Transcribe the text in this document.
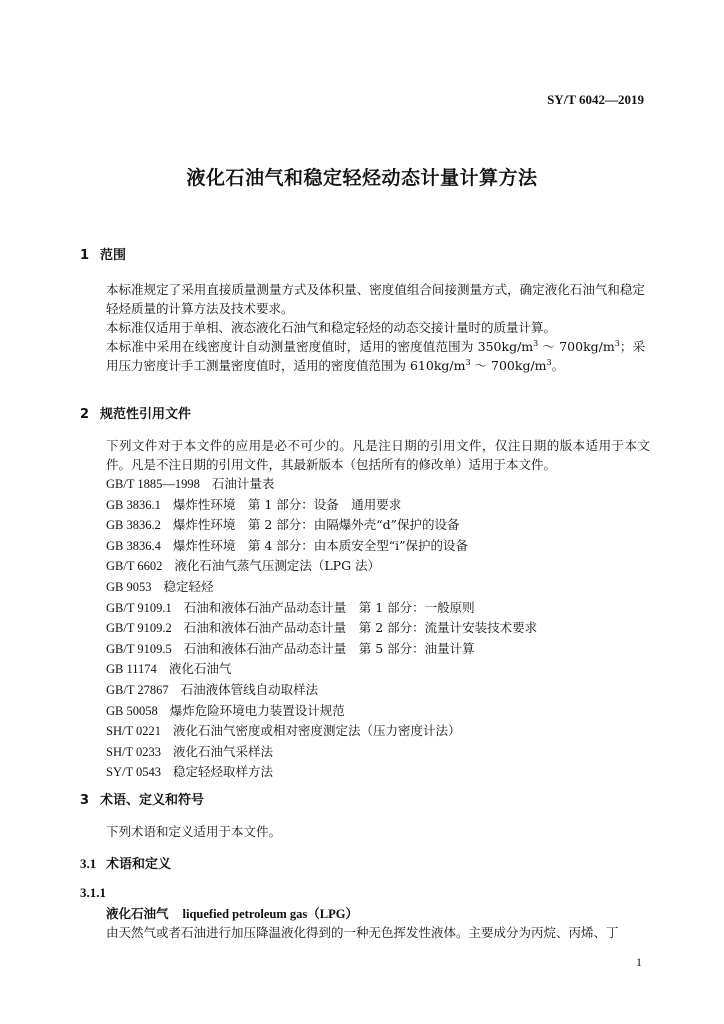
SY/T 6042—2019
液化石油气和稳定轻烃动态计量计算方法
1 范围
本标准规定了采用直接质量测量方式及体积量、密度值组合间接测量方式，确定液化石油气和稳定轻烃质量的计算方法及技术要求。
本标准仅适用于单相、液态液化石油气和稳定轻烃的动态交接计量时的质量计算。
本标准中采用在线密度计自动测量密度值时，适用的密度值范围为 $350kg/m^3$ ～ $700kg/m^3$；采用压力密度计手工测量密度值时，适用的密度值范围为 $610kg/m^3$ ～ $700kg/m^3$。
2 规范性引用文件
下列文件对于本文件的应用是必不可少的。凡是注日期的引用文件，仅注日期的版本适用于本文件。凡是不注日期的引用文件，其最新版本（包括所有的修改单）适用于本文件。
GB/T 1885—1998 石油计量表
GB 3836.1 爆炸性环境　第 1 部分：设备　通用要求
GB 3836.2 爆炸性环境　第 2 部分：由隔爆外壳“d”保护的设备
GB 3836.4 爆炸性环境　第 4 部分：由本质安全型“i”保护的设备
GB/T 6602 液化石油气蒸气压测定法（LPG 法）
GB 9053 稳定轻烃
GB/T 9109.1 石油和液体石油产品动态计量　第 1 部分：一般原则
GB/T 9109.2 石油和液体石油产品动态计量　第 2 部分：流量计安装技术要求
GB/T 9109.5 石油和液体石油产品动态计量　第 5 部分：油量计算
GB 11174 液化石油气
GB/T 27867 石油液体管线自动取样法
GB 50058 爆炸危险环境电力装置设计规范
SH/T 0221 液化石油气密度或相对密度测定法（压力密度计法）
SH/T 0233 液化石油气采样法
SY/T 0543 稳定轻烃取样方法
3 术语、定义和符号
下列术语和定义适用于本文件。
3.1 术语和定义
3.1.1
液化石油气 liquefied petroleum gas（LPG）
由天然气或者石油进行加压降温液化得到的一种无色挥发性液体。主要成分为丙烷、丙烯、丁
1
